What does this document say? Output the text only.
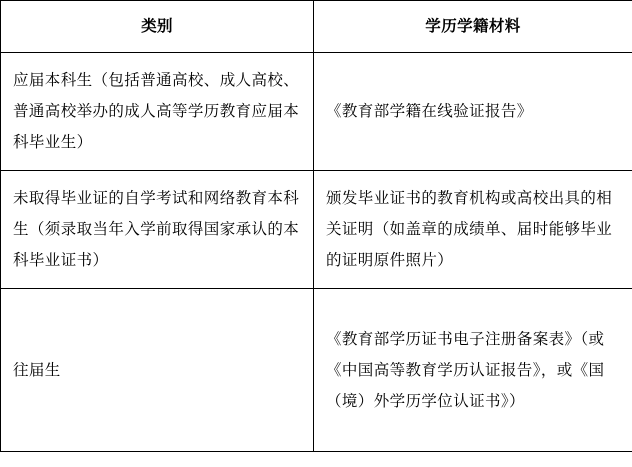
类别	学历学籍材料

应届本科生（包括普通高校、成人高校、普通高校举办的成人高等学历教育应届本科毕业生）	《教育部学籍在线验证报告》

未取得毕业证的自学考试和网络教育本科生（须录取当年入学前取得国家承认的本科毕业证书）	颁发毕业证书的教育机构或高校出具的相关证明（如盖章的成绩单、届时能够毕业的证明原件照片）

往届生	《教育部学历证书电子注册备案表》（或《中国高等教育学历认证报告》，或《国（境）外学历学位认证书》）
